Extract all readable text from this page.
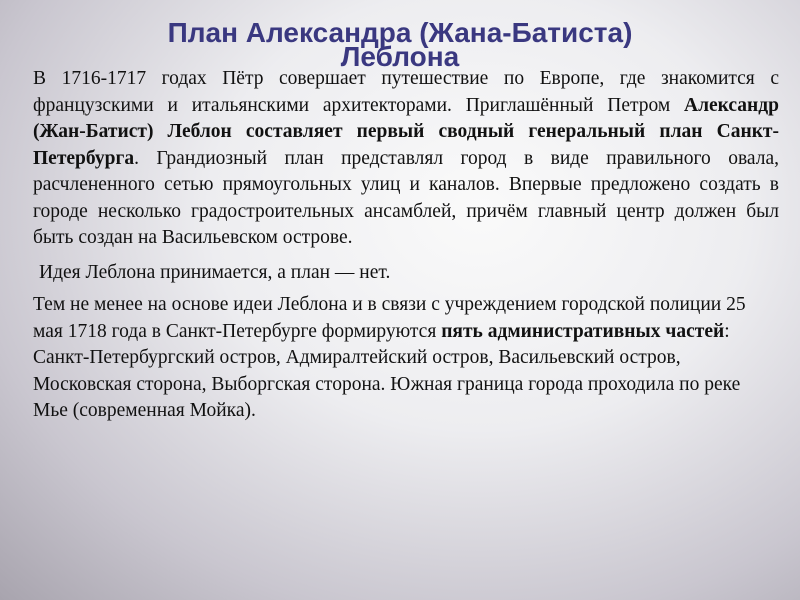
План Александра (Жана-Батиста)
Леблона

В 1716-1717 годах Пётр совершает путешествие по Европе, где знакомится с французскими и итальянскими архитекторами. Приглашённый Петром Александр (Жан-Батист) Леблон составляет первый сводный генеральный план Санкт-Петербурга. Грандиозный план представлял город в виде правильного овала, расчлененного сетью прямоугольных улиц и каналов. Впервые предложено создать в городе несколько градостроительных ансамблей, причём главный центр должен был быть создан на Васильевском острове.

Идея Леблона принимается, а план — нет.

Тем не менее на основе идеи Леблона и в связи с учреждением городской полиции 25 мая 1718 года в Санкт-Петербурге формируются пять административных частей: Санкт-Петербургский остров, Адмиралтейский остров, Васильевский остров, Московская сторона, Выборгская сторона. Южная граница города проходила по реке Мье (современная Мойка).
